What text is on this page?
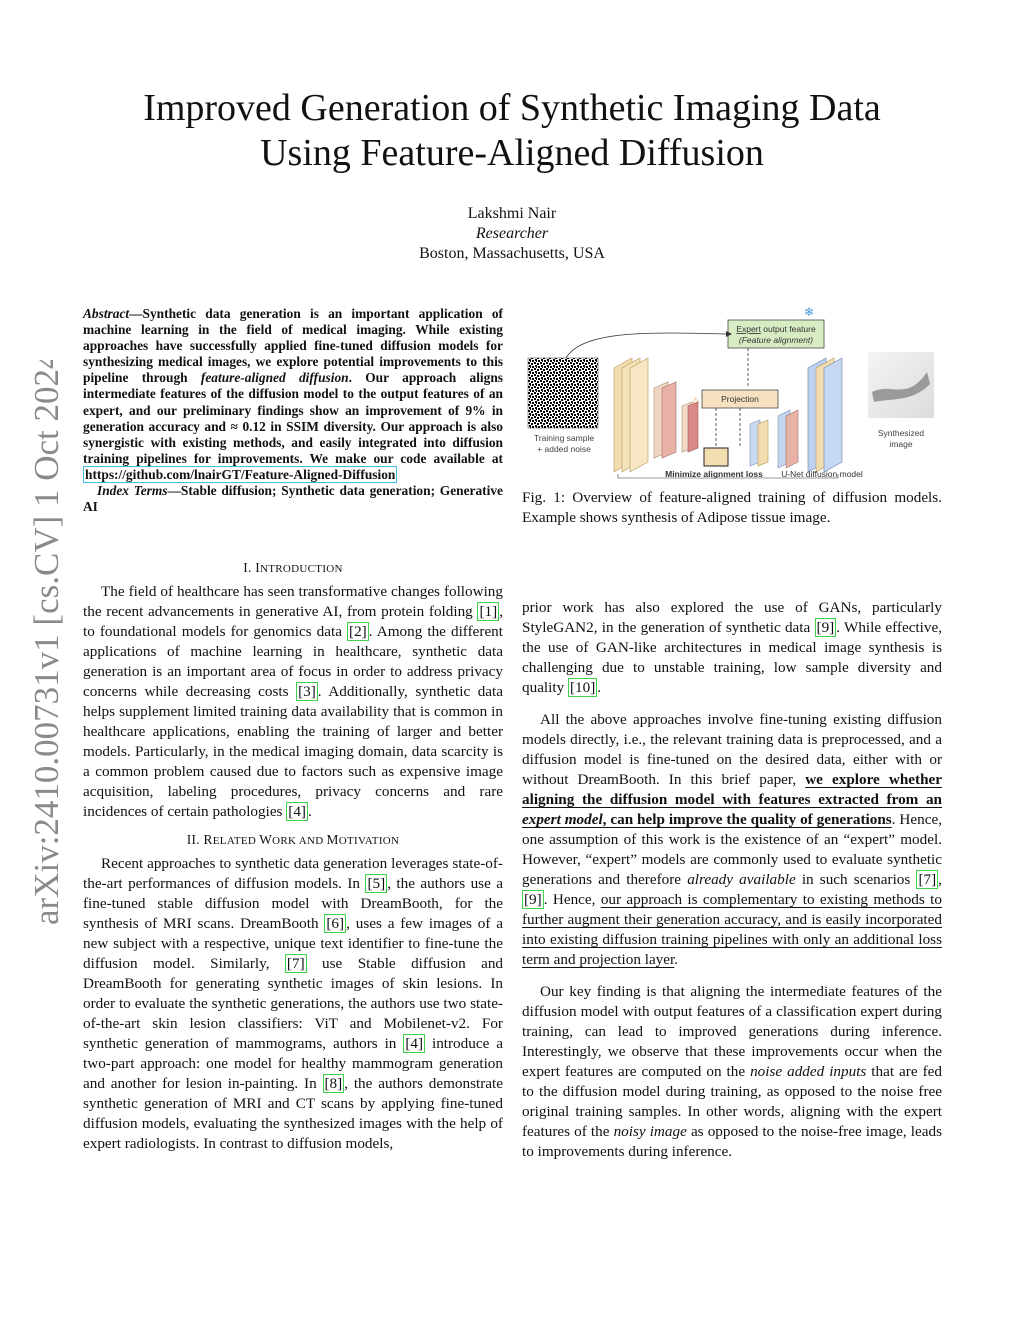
arXiv:2410.00731v1 [cs.CV] 1 Oct 2024
Improved Generation of Synthetic Imaging Data
Using Feature-Aligned Diffusion
Lakshmi Nair
Researcher
Boston, Massachusetts, USA
Abstract—Synthetic data generation is an important application of machine learning in the field of medical imaging. While existing approaches have successfully applied fine-tuned diffusion models for synthesizing medical images, we explore potential improvements to this pipeline through feature-aligned diffusion. Our approach aligns intermediate features of the diffusion model to the output features of an expert, and our preliminary findings show an improvement of 9% in generation accuracy and ≈ 0.12 in SSIM diversity. Our approach is also synergistic with existing methods, and easily integrated into diffusion training pipelines for improvements. We make our code available at https://github.com/lnairGT/Feature-Aligned-Diffusion
Index Terms—Stable diffusion; Synthetic data generation; Generative AI
Training sample
+ added noise
Expert output feature
(Feature alignment)
❄
Projection
♨
Synthesized
image
Minimize alignment loss U-Net diffusion model
Fig. 1: Overview of feature-aligned training of diffusion models. Example shows synthesis of Adipose tissue image.

I. INTRODUCTION

The field of healthcare has seen transformative changes following the recent advancements in generative AI, from protein folding [1] , to foundational models for genomics data [2] . Among the different applications of machine learning in healthcare, synthetic data generation is an important area of focus in order to address privacy concerns while decreasing costs [3] . Additionally, synthetic data helps supplement limited training data availability that is common in healthcare applications, enabling the training of larger and better models. Particularly, in the medical imaging domain, data scarcity is a common problem caused due to factors such as expensive image acquisition, labeling procedures, privacy concerns and rare incidences of certain pathologies [4] .

II. RELATED WORK AND MOTIVATION

Recent approaches to synthetic data generation leverages state-of-the-art performances of diffusion models. In [5] , the authors use a fine-tuned stable diffusion model with DreamBooth, for the synthesis of MRI scans. DreamBooth [6] , uses a few images of a new subject with a respective, unique text identifier to fine-tune the diffusion model. Similarly, [7] use Stable diffusion and DreamBooth for generating synthetic images of skin lesions. In order to evaluate the synthetic generations, the authors use two state-of-the-art skin lesion classifiers: ViT and Mobilenet-v2. For synthetic generation of mammograms, authors in [4] introduce a two-part approach: one model for healthy mammogram generation and another for lesion in-painting. In [8] , the authors demonstrate synthetic generation of MRI and CT scans by applying fine-tuned diffusion models, evaluating the synthesized images with the help of expert radiologists. In contrast to diffusion models,

prior work has also explored the use of GANs, particularly StyleGAN2, in the generation of synthetic data [9] . While effective, the use of GAN-like architectures in medical image synthesis is challenging due to unstable training, low sample diversity and quality [10] .

All the above approaches involve fine-tuning existing diffusion models directly, i.e., the relevant training data is preprocessed, and a diffusion model is fine-tuned on the desired data, either with or without DreamBooth. In this brief paper, we explore whether aligning the diffusion model with features extracted from an expert model, can help improve the quality of generations. Hence, one assumption of this work is the existence of an “expert” model. However, “expert” models are commonly used to evaluate synthetic generations and therefore already available in such scenarios [7] , [9] . Hence, our approach is complementary to existing methods to further augment their generation accuracy, and is easily incorporated into existing diffusion training pipelines with only an additional loss term and projection layer.

Our key finding is that aligning the intermediate features of the diffusion model with output features of a classification expert during training, can lead to improved generations during inference. Interestingly, we observe that these improvements occur when the expert features are computed on the noise added inputs that are fed to the diffusion model during training, as opposed to the noise free original training samples. In other words, aligning with the expert features of the noisy image as opposed to the noise-free image, leads to improvements during inference.
